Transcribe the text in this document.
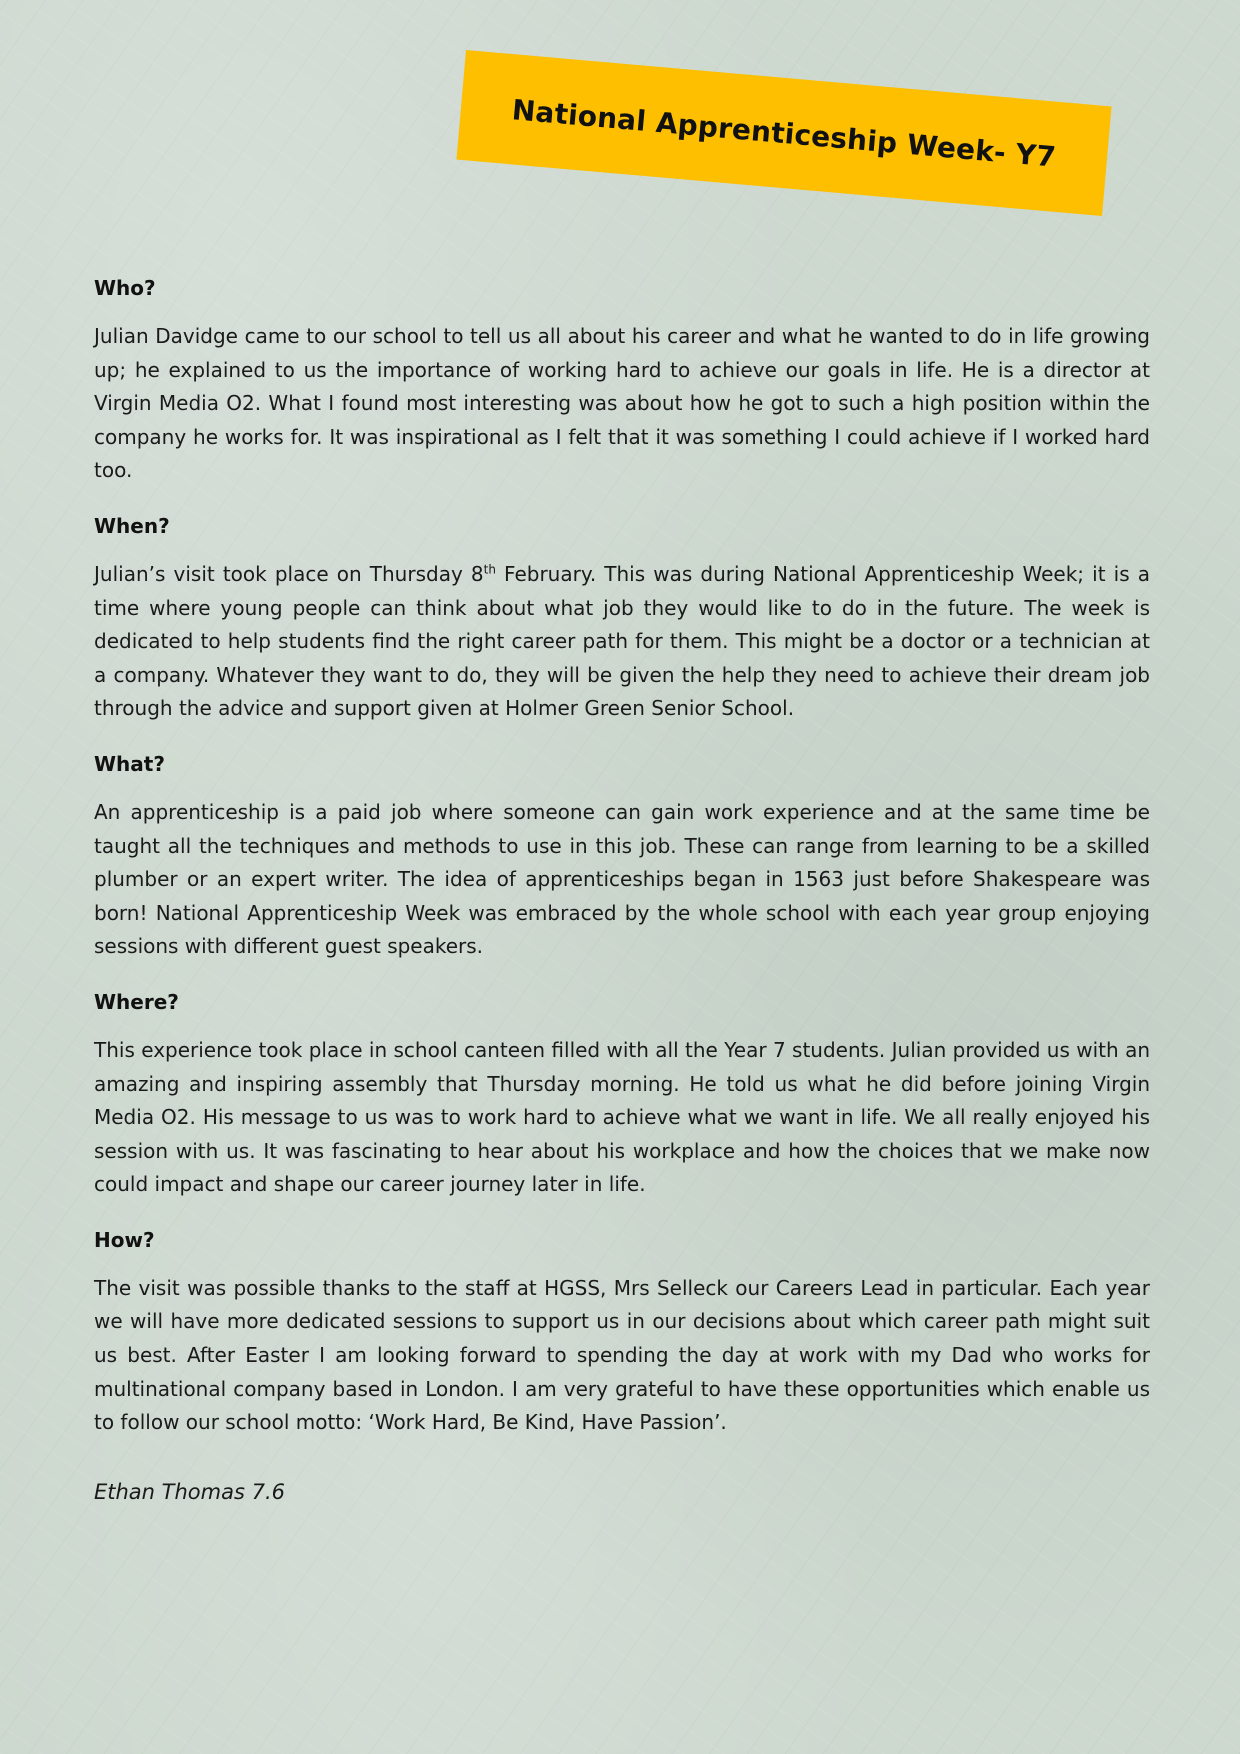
National Apprenticeship Week- Y7
Who?

Julian Davidge came to our school to tell us all about his career and what he wanted to do in life growing up; he explained to us the importance of working hard to achieve our goals in life. He is a director at Virgin Media O2. What I found most interesting was about how he got to such a high position within the company he works for. It was inspirational as I felt that it was something I could achieve if I worked hard too.

When?

Julian’s visit took place on Thursday 8th February. This was during National Apprenticeship Week; it is a time where young people can think about what job they would like to do in the future. The week is dedicated to help students find the right career path for them. This might be a doctor or a technician at a company. Whatever they want to do, they will be given the help they need to achieve their dream job through the advice and support given at Holmer Green Senior School.

What?

An apprenticeship is a paid job where someone can gain work experience and at the same time be taught all the techniques and methods to use in this job. These can range from learning to be a skilled plumber or an expert writer. The idea of apprenticeships began in 1563 just before Shakespeare was born! National Apprenticeship Week was embraced by the whole school with each year group enjoying sessions with different guest speakers.

Where?

This experience took place in school canteen filled with all the Year 7 students. Julian provided us with an amazing and inspiring assembly that Thursday morning. He told us what he did before joining Virgin Media O2. His message to us was to work hard to achieve what we want in life. We all really enjoyed his session with us. It was fascinating to hear about his workplace and how the choices that we make now could impact and shape our career journey later in life.

How?

The visit was possible thanks to the staff at HGSS, Mrs Selleck our Careers Lead in particular. Each year we will have more dedicated sessions to support us in our decisions about which career path might suit us best. After Easter I am looking forward to spending the day at work with my Dad who works for multinational company based in London. I am very grateful to have these opportunities which enable us to follow our school motto: ‘Work Hard, Be Kind, Have Passion’.

Ethan Thomas 7.6
